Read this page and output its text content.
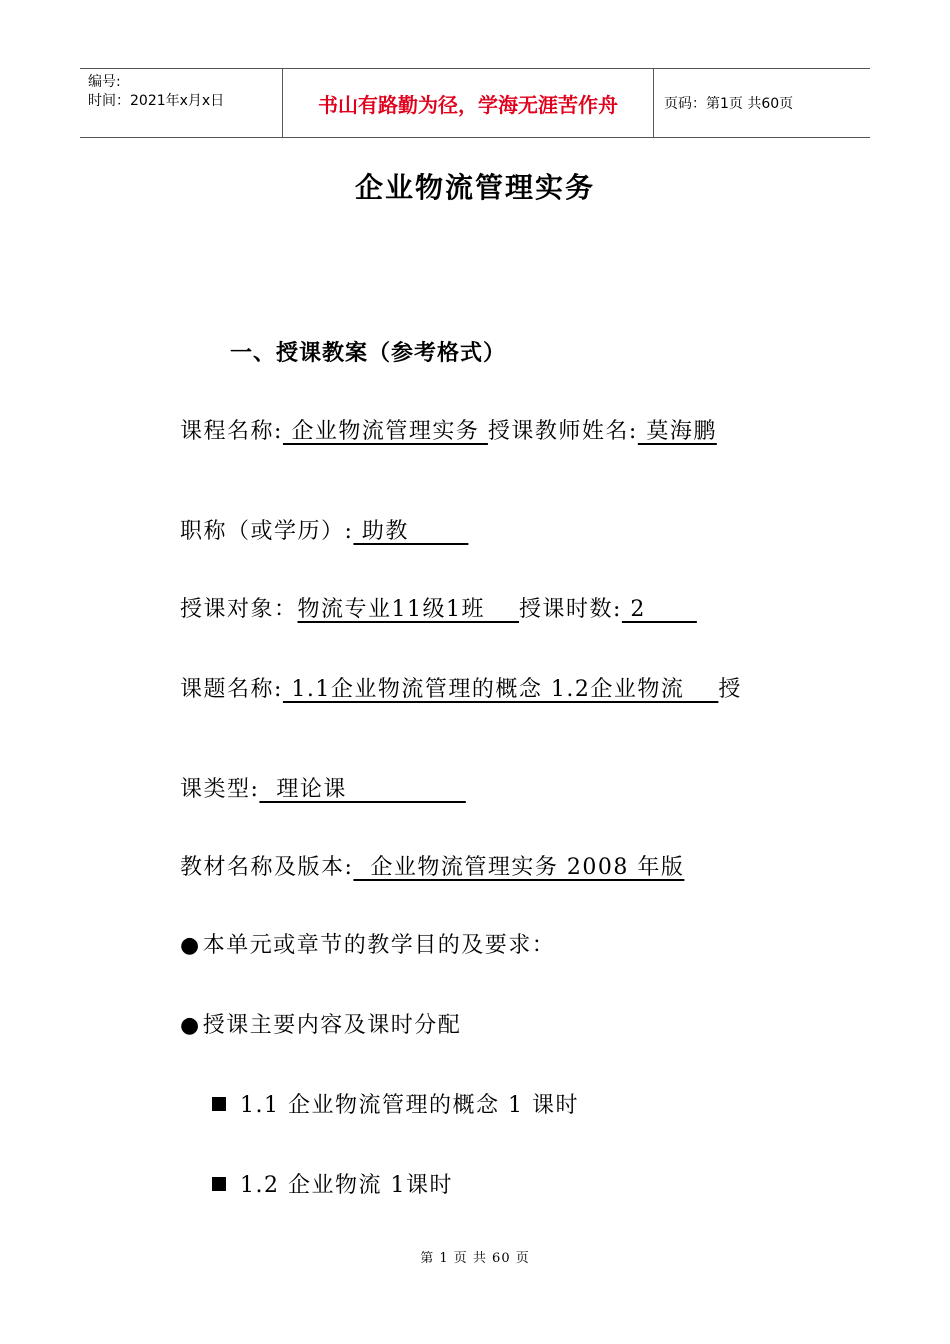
编号:
时间：2021年x月x日	书山有路勤为径，学海无涯苦作舟	页码：第1页 共60页
企业物流管理实务
一、授课教案（参考格式）
课程名称: 企业物流管理实务 授课教师姓名: 莫海鹏
职称（或学历）: 助教
授课对象：物流专业11级1班    授课时数: 2
课题名称: 1.1企业物流管理的概念 1.2企业物流    授
课类型:  理论课
教材名称及版本:  企业物流管理实务 2008 年版
●本单元或章节的教学目的及要求：
●授课主要内容及课时分配
1.1 企业物流管理的概念 1 课时
1.2 企业物流 1课时
第 1 页 共 60 页
